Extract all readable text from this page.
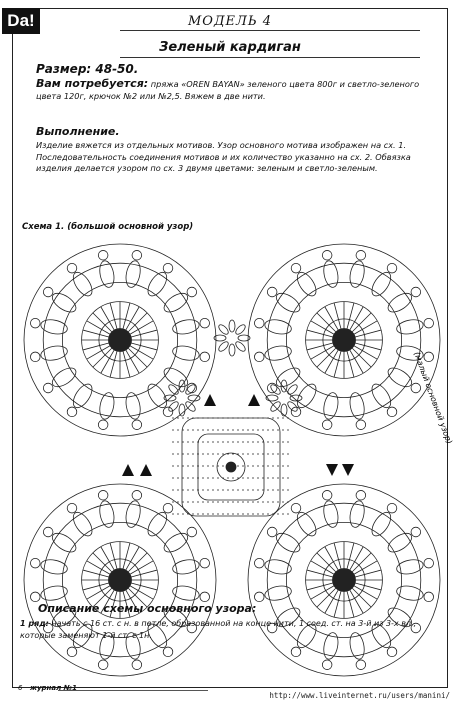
Da!	МОДЕЛЬ 4
Зеленый кардиган
Размер: 48-50.
Вам потребуется: пряжа «OREN BAYAN» зеленого цвета 800г и светло-зеленого цвета 120г, крючок №2 или №2,5. Вяжем в две нити.
Выполнение.
Изделие вяжется из отдельных мотивов. Узор основного мотива изображен на сх. 1. Последовательность соединения мотивов и их количество указанно на сх. 2. Обвязка изделия делается узором по сх. 3 двумя цветами: зеленым и светло-зеленым.
Схема 1. (большой основной узор)
(малый основной узор)
Описание схемы основного узора:
1 ряд: начать с 16 ст. с н. в петле, образованной на конце нити, 1 соед. ст. на 3-й из 3-х вл., которые заменяют 1-й ст. с 1н.
6 журнал №1
http://www.liveinternet.ru/users/manini/
